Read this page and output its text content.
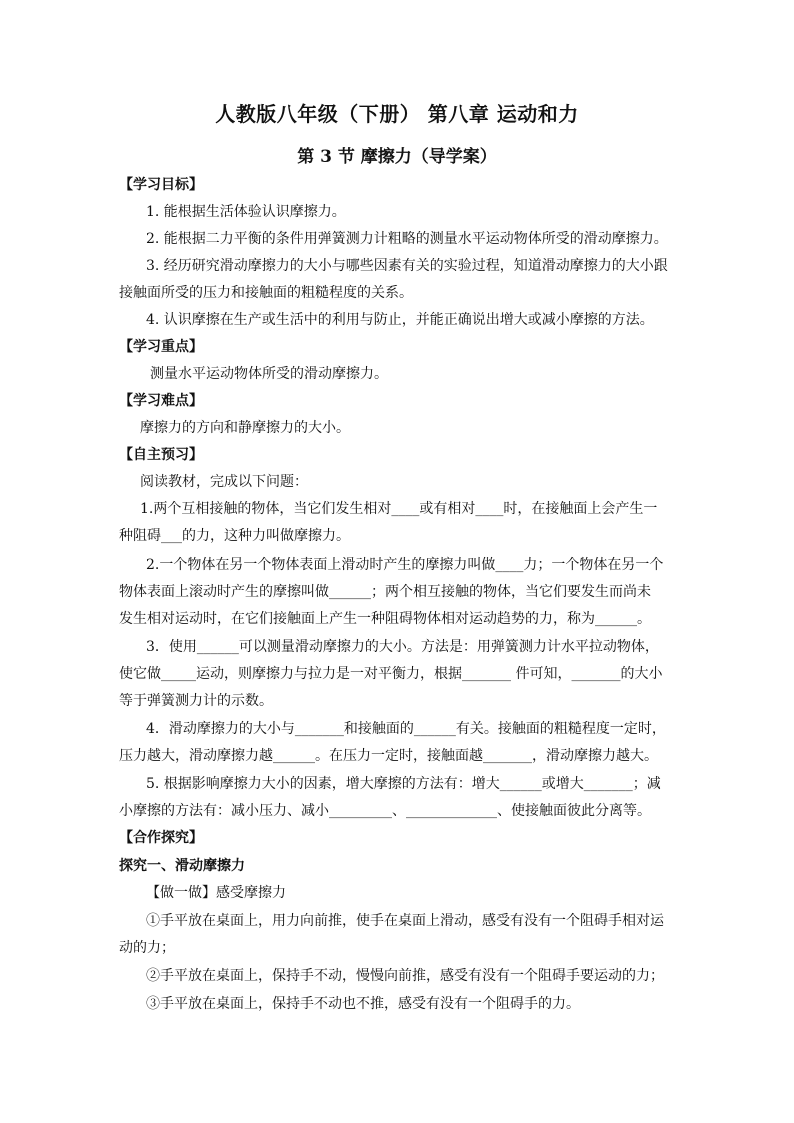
人教版八年级（下册） 第八章 运动和力
第 3 节 摩擦力（导学案）
【学习目标】
1. 能根据生活体验认识摩擦力。
2. 能根据二力平衡的条件用弹簧测力计粗略的测量水平运动物体所受的滑动摩擦力。
3. 经历研究滑动摩擦力的大小与哪些因素有关的实验过程，知道滑动摩擦力的大小跟
接触面所受的压力和接触面的粗糙程度的关系。
4. 认识摩擦在生产或生活中的利用与防止，并能正确说出增大或减小摩擦的方法。
【学习重点】
测量水平运动物体所受的滑动摩擦力。
【学习难点】
摩擦力的方向和静摩擦力的大小。
【自主预习】
阅读教材，完成以下问题：
1.两个互相接触的物体，当它们发生相对____或有相对____时，在接触面上会产生一
种阻碍___的力，这种力叫做摩擦力。
2.一个物体在另一个物体表面上滑动时产生的摩擦力叫做____力；一个物体在另一个
物体表面上滚动时产生的摩擦叫做______；两个相互接触的物体，当它们要发生而尚未
发生相对运动时，在它们接触面上产生一种阻碍物体相对运动趋势的力，称为______。
3．使用______可以测量滑动摩擦力的大小。方法是：用弹簧测力计水平拉动物体，
使它做_____运动，则摩擦力与拉力是一对平衡力，根据_______ 件可知，_______的大小
等于弹簧测力计的示数。
4．滑动摩擦力的大小与_______和接触面的______有关。接触面的粗糙程度一定时，
压力越大，滑动摩擦力越______。在压力一定时，接触面越_______，滑动摩擦力越大。
5. 根据影响摩擦力大小的因素，增大摩擦的方法有：增大______或增大_______；减
小摩擦的方法有：减小压力、减小_________、_____________、使接触面彼此分离等。
【合作探究】
探究一、滑动摩擦力
【做一做】感受摩擦力
①手平放在桌面上，用力向前推，使手在桌面上滑动，感受有没有一个阻碍手相对运
动的力；
②手平放在桌面上，保持手不动，慢慢向前推，感受有没有一个阻碍手要运动的力；
③手平放在桌面上，保持手不动也不推，感受有没有一个阻碍手的力。
